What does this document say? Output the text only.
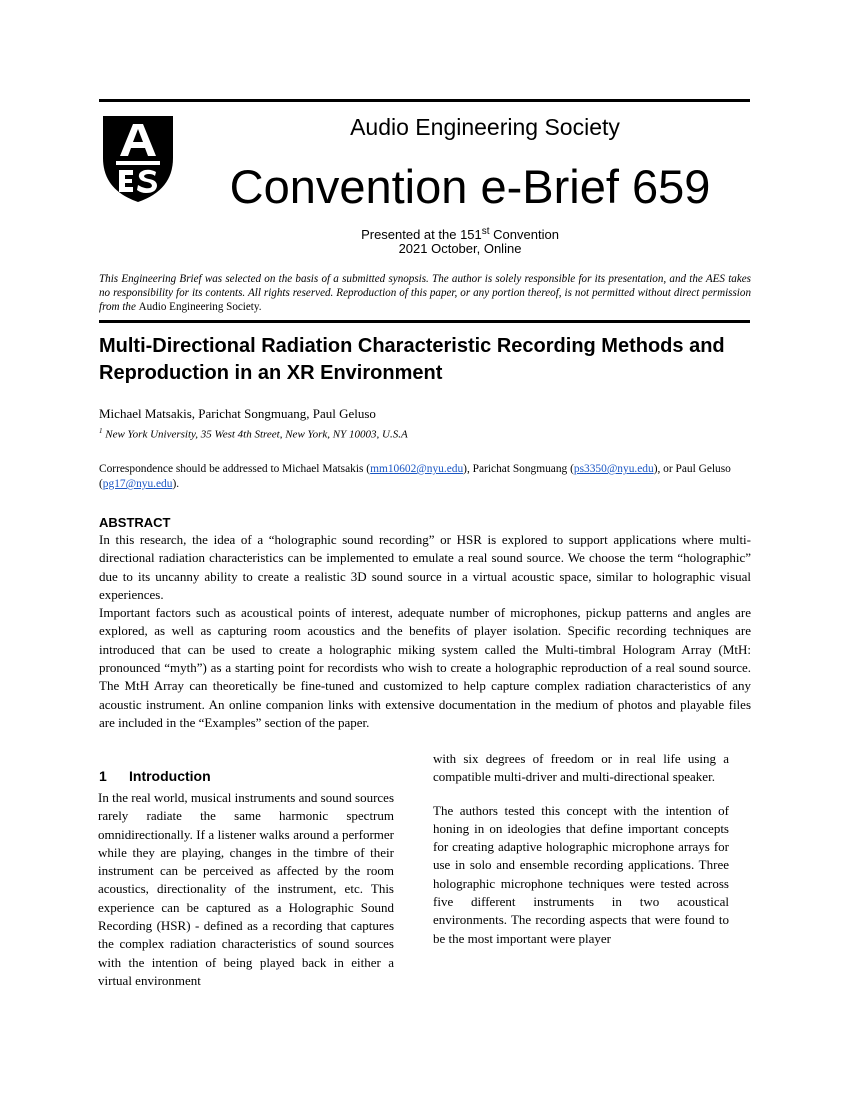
Audio Engineering Society
Convention e-Brief 659
Presented at the 151st Convention
2021 October, Online
This Engineering Brief was selected on the basis of a submitted synopsis. The author is solely responsible for its presentation, and the AES takes no responsibility for its contents. All rights reserved. Reproduction of this paper, or any portion thereof, is not permitted without direct permission from the Audio Engineering Society.
Multi-Directional Radiation Characteristic Recording Methods and Reproduction in an XR Environment
Michael Matsakis, Parichat Songmuang, Paul Geluso
$^1$ New York University, 35 West 4th Street, New York, NY 10003, U.S.A
Correspondence should be addressed to Michael Matsakis (mm10602@nyu.edu), Parichat Songmuang (ps3350@nyu.edu), or Paul Geluso (pg17@nyu.edu).
ABSTRACT

In this research, the idea of a “holographic sound recording” or HSR is explored to support applications where multi-directional radiation characteristics can be implemented to emulate a real sound source. We choose the term “holographic” due to its uncanny ability to create a realistic 3D sound source in a virtual acoustic space, similar to holographic visual experiences.

Important factors such as acoustical points of interest, adequate number of microphones, pickup patterns and angles are explored, as well as capturing room acoustics and the benefits of player isolation. Specific recording techniques are introduced that can be used to create a holographic miking system called the Multi-timbral Hologram Array (MtH: pronounced “myth”) as a starting point for recordists who wish to create a holographic reproduction of a real sound source. The MtH Array can theoretically be fine-tuned and customized to help capture complex radiation characteristics of any acoustic instrument. An online companion links with extensive documentation in the medium of photos and playable files are included in the “Examples” section of the paper.

1 Introduction

In the real world, musical instruments and sound sources rarely radiate the same harmonic spectrum omnidirectionally. If a listener walks around a performer while they are playing, changes in the timbre of their instrument can be perceived as affected by the room acoustics, directionality of the instrument, etc. This experience can be captured as a Holographic Sound Recording (HSR) - defined as a recording that captures the complex radiation characteristics of sound sources with the intention of being played back in either a virtual environment

with six degrees of freedom or in real life using a compatible multi-driver and multi-directional speaker.

The authors tested this concept with the intention of honing in on ideologies that define important concepts for creating adaptive holographic microphone arrays for use in solo and ensemble recording applications. Three holographic microphone techniques were tested across five different instruments in two acoustical environments. The recording aspects that were found to be the most important were player
